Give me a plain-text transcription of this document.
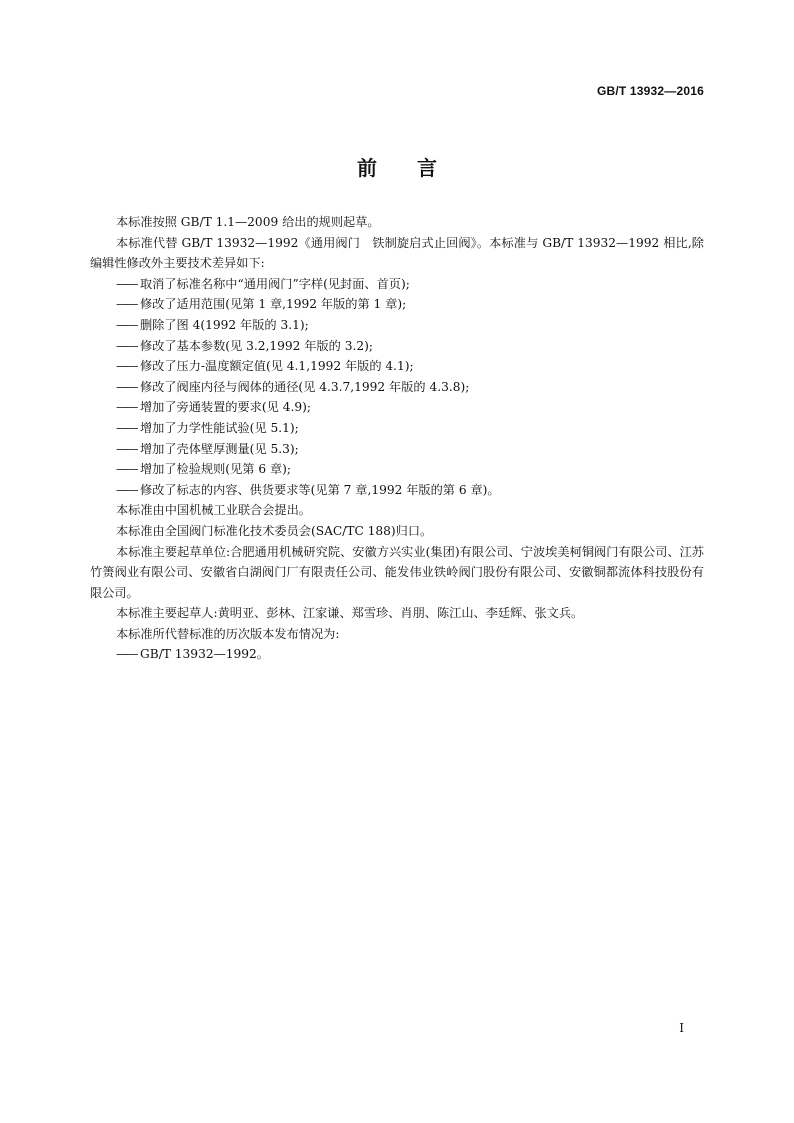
GB/T 13932—2016
前 言

本标准按照 GB/T 1.1—2009 给出的规则起草。

本标准代替 GB/T 13932—1992《通用阀门　铁制旋启式止回阀》。本标准与 GB/T 13932—1992 相比,除编辑性修改外主要技术差异如下:

—— 取消了标准名称中“通用阀门”字样(见封面、首页);

—— 修改了适用范围(见第 1 章,1992 年版的第 1 章);

—— 删除了图 4(1992 年版的 3.1);

—— 修改了基本参数(见 3.2,1992 年版的 3.2);

—— 修改了压力-温度额定值(见 4.1,1992 年版的 4.1);

—— 修改了阀座内径与阀体的通径(见 4.3.7,1992 年版的 4.3.8);

—— 增加了旁通装置的要求(见 4.9);

—— 增加了力学性能试验(见 5.1);

—— 增加了壳体壁厚测量(见 5.3);

—— 增加了检验规则(见第 6 章);

—— 修改了标志的内容、供货要求等(见第 7 章,1992 年版的第 6 章)。

本标准由中国机械工业联合会提出。

本标准由全国阀门标准化技术委员会(SAC/TC 188)归口。

本标准主要起草单位:合肥通用机械研究院、安徽方兴实业(集团)有限公司、宁波埃美柯铜阀门有限公司、江苏竹箦阀业有限公司、安徽省白湖阀门厂有限责任公司、能发伟业铁岭阀门股份有限公司、安徽铜都流体科技股份有限公司。

本标准主要起草人:黄明亚、彭林、江家谦、郑雪珍、肖朋、陈江山、李廷辉、张文兵。

本标准所代替标准的历次版本发布情况为:

—— GB/T 13932—1992。

I
